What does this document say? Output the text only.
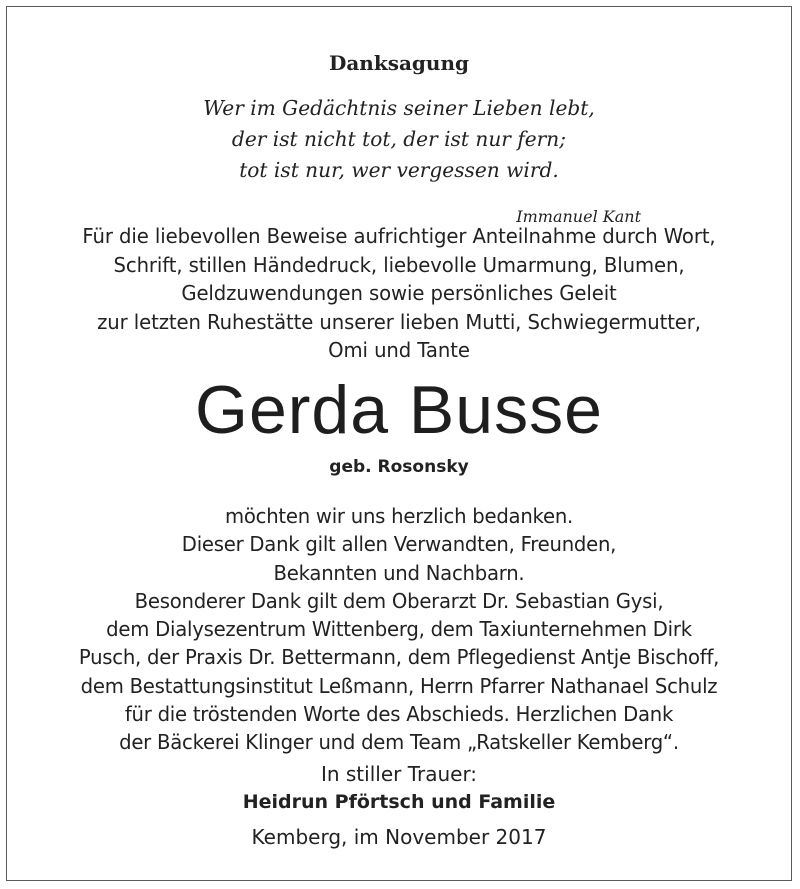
Danksagung

Wer im Gedächtnis seiner Lieben lebt,
der ist nicht tot, der ist nur fern;
tot ist nur, wer vergessen wird.

Immanuel Kant

Für die liebevollen Beweise aufrichtiger Anteilnahme durch Wort,
Schrift, stillen Händedruck, liebevolle Umarmung, Blumen,
Geldzuwendungen sowie persönliches Geleit
zur letzten Ruhestätte unserer lieben Mutti, Schwiegermutter,
Omi und Tante

Gerda Busse

geb. Rosonsky

möchten wir uns herzlich bedanken.
Dieser Dank gilt allen Verwandten, Freunden,
Bekannten und Nachbarn.
Besonderer Dank gilt dem Oberarzt Dr. Sebastian Gysi,
dem Dialysezentrum Wittenberg, dem Taxiunternehmen Dirk
Pusch, der Praxis Dr. Bettermann, dem Pflegedienst Antje Bischoff,
dem Bestattungsinstitut Leßmann, Herrn Pfarrer Nathanael Schulz
für die tröstenden Worte des Abschieds. Herzlichen Dank
der Bäckerei Klinger und dem Team „Ratskeller Kemberg“.

In stiller Trauer:

Heidrun Pförtsch und Familie

Kemberg, im November 2017
